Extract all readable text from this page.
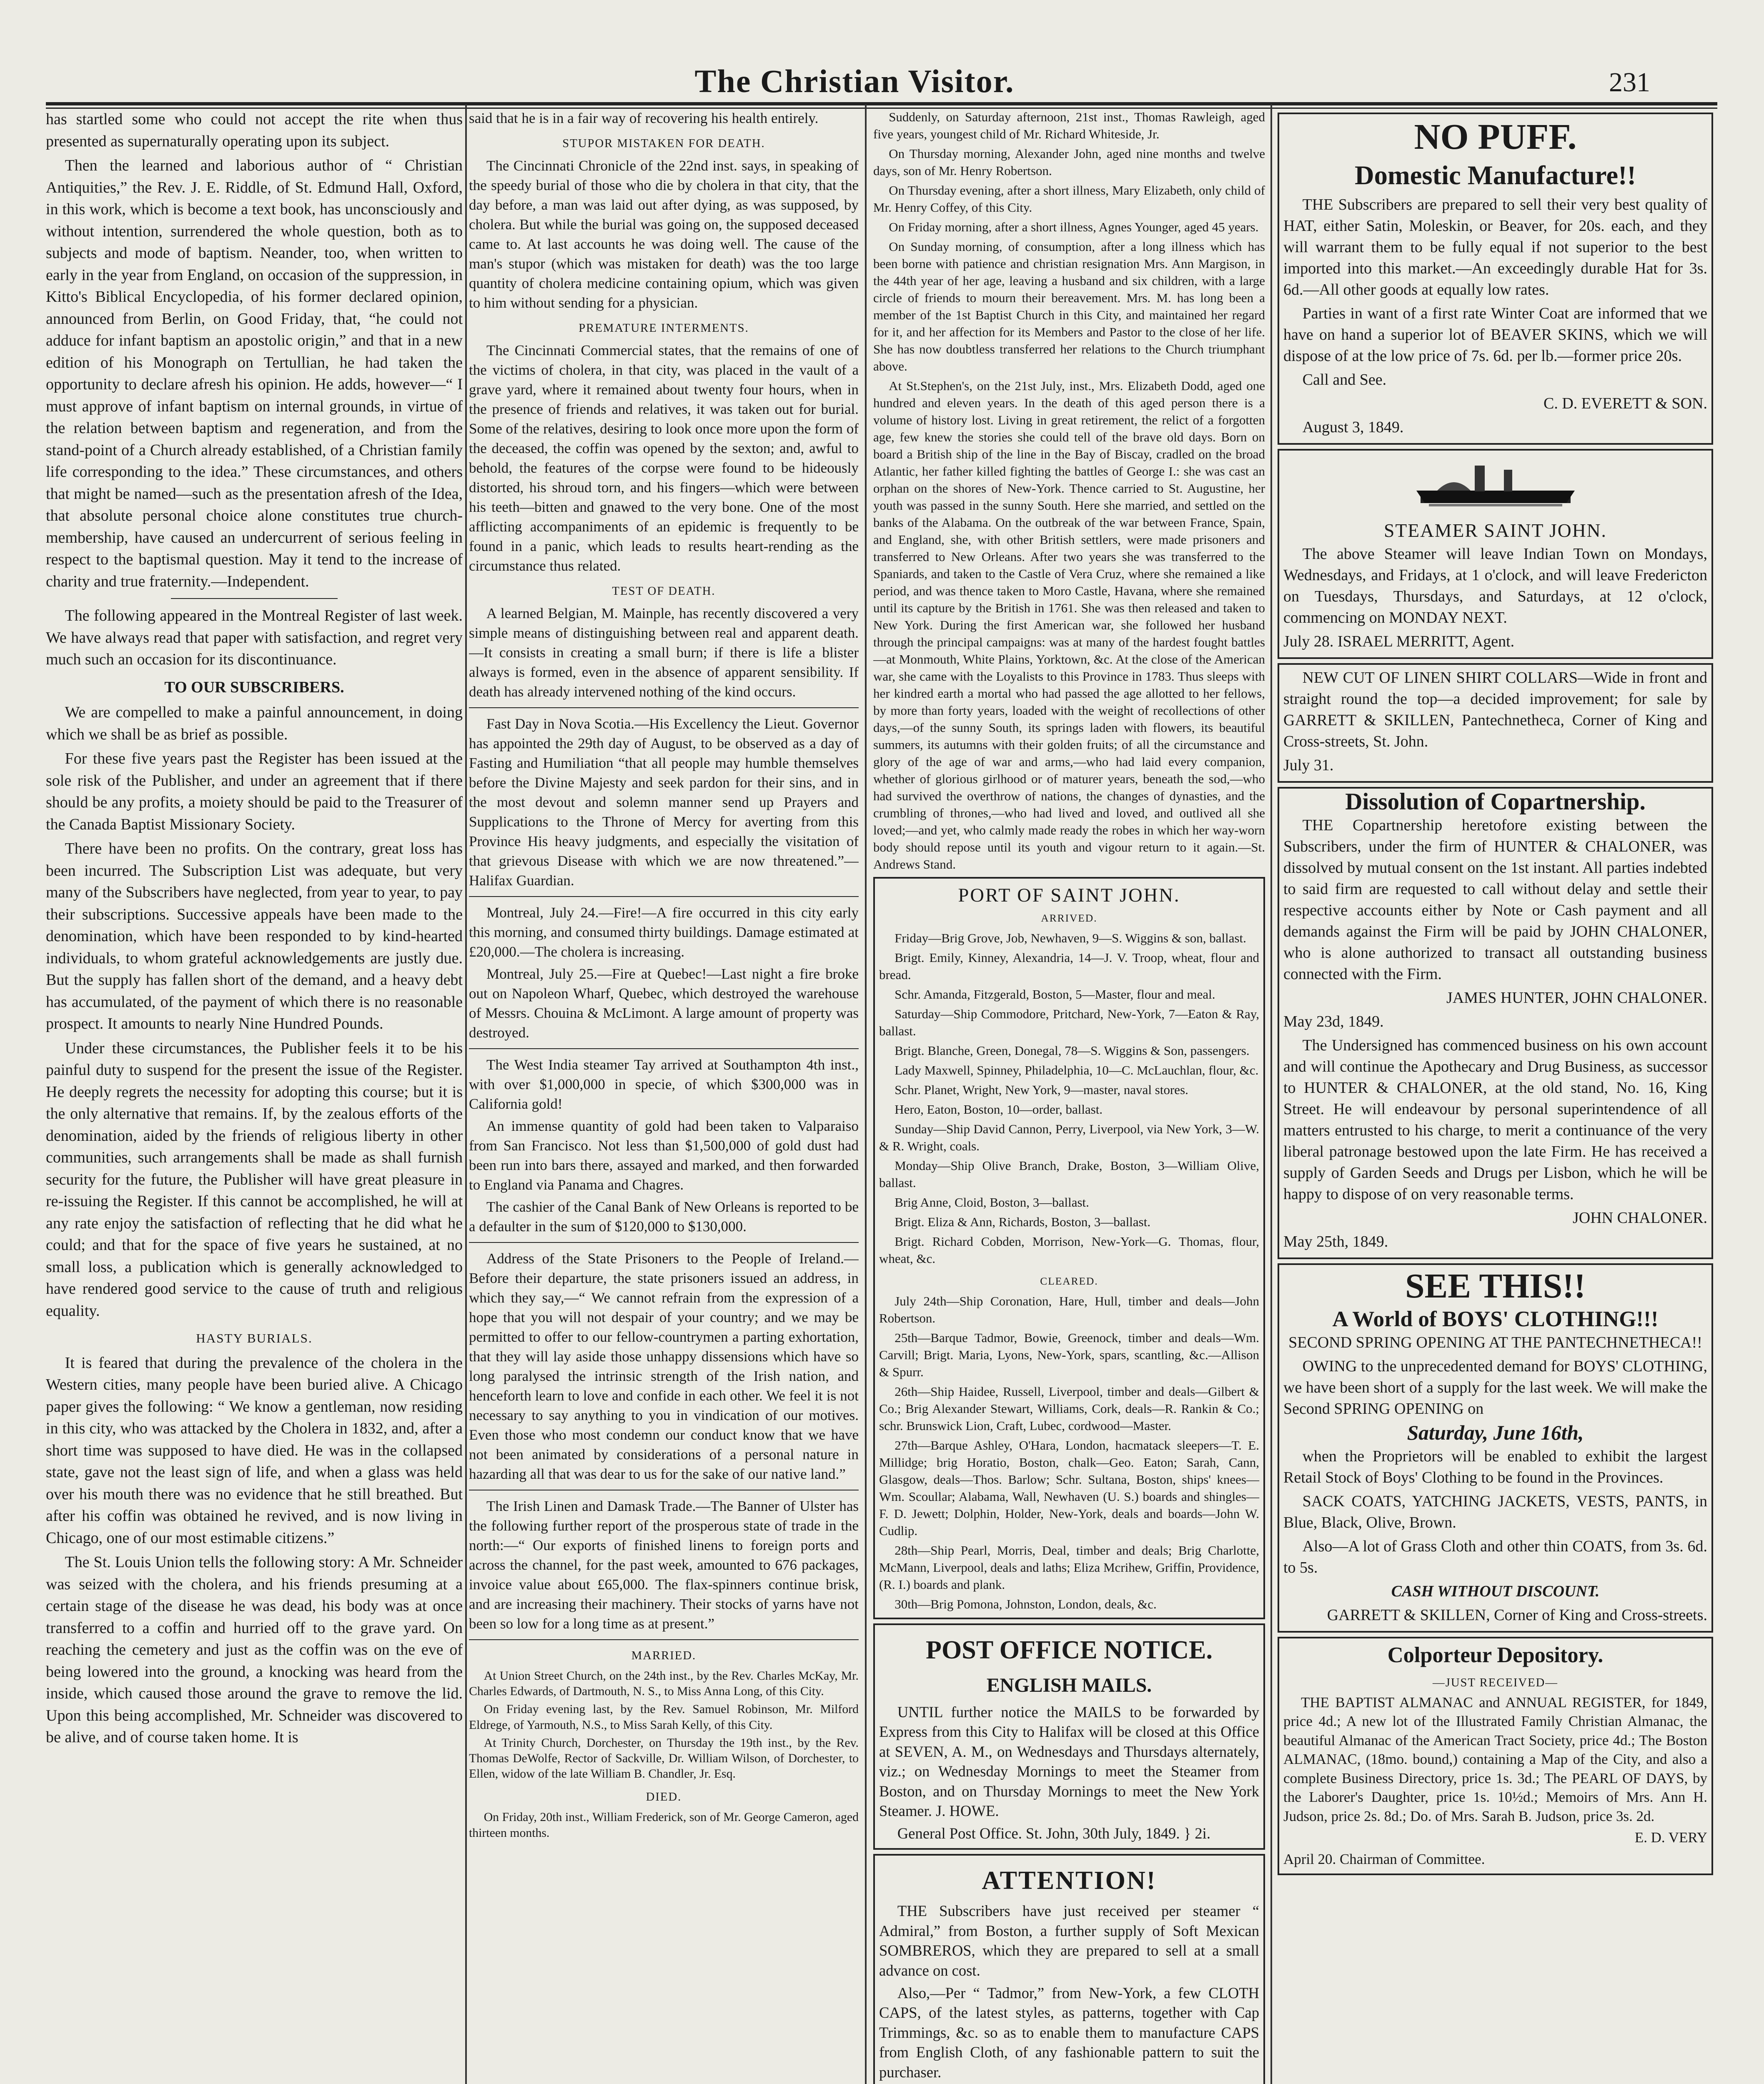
The Christian Visitor.	231

has startled some who could not accept the rite when thus presented as supernaturally operating upon its subject.

Then the learned and laborious author of “ Christian Antiquities,” the Rev. J. E. Riddle, of St. Edmund Hall, Oxford, in this work, which is become a text book, has unconsciously and without intention, surrendered the whole question, both as to subjects and mode of baptism. Neander, too, when written to early in the year from England, on occasion of the suppression, in Kitto's Biblical Encyclopedia, of his former declared opinion, announced from Berlin, on Good Friday, that, “he could not adduce for infant baptism an apostolic origin,” and that in a new edition of his Monograph on Tertullian, he had taken the opportunity to declare afresh his opinion. He adds, however—“ I must approve of infant baptism on internal grounds, in virtue of the relation between baptism and regeneration, and from the stand-point of a Church already established, of a Christian family life corresponding to the idea.” These circumstances, and others that might be named—such as the presentation afresh of the Idea, that absolute personal choice alone constitutes true church-membership, have caused an undercurrent of serious feeling in respect to the baptismal question. May it tend to the increase of charity and true fraternity.—Independent.

The following appeared in the Montreal Register of last week. We have always read that paper with satisfaction, and regret very much such an occasion for its discontinuance.

TO OUR SUBSCRIBERS.

We are compelled to make a painful announcement, in doing which we shall be as brief as possible.

For these five years past the Register has been issued at the sole risk of the Publisher, and under an agreement that if there should be any profits, a moiety should be paid to the Treasurer of the Canada Baptist Missionary Society.

There have been no profits. On the contrary, great loss has been incurred. The Subscription List was adequate, but very many of the Subscribers have neglected, from year to year, to pay their subscriptions. Successive appeals have been made to the denomination, which have been responded to by kind-hearted individuals, to whom grateful acknowledgements are justly due. But the supply has fallen short of the demand, and a heavy debt has accumulated, of the payment of which there is no reasonable prospect. It amounts to nearly Nine Hundred Pounds.

Under these circumstances, the Publisher feels it to be his painful duty to suspend for the present the issue of the Register. He deeply regrets the necessity for adopting this course; but it is the only alternative that remains. If, by the zealous efforts of the denomination, aided by the friends of religious liberty in other communities, such arrangements shall be made as shall furnish security for the future, the Publisher will have great pleasure in re-issuing the Register. If this cannot be accomplished, he will at any rate enjoy the satisfaction of reflecting that he did what he could; and that for the space of five years he sustained, at no small loss, a publication which is generally acknowledged to have rendered good service to the cause of truth and religious equality.

HASTY BURIALS.

It is feared that during the prevalence of the cholera in the Western cities, many people have been buried alive. A Chicago paper gives the following: “ We know a gentleman, now residing in this city, who was attacked by the Cholera in 1832, and, after a short time was supposed to have died. He was in the collapsed state, gave not the least sign of life, and when a glass was held over his mouth there was no evidence that he still breathed. But after his coffin was obtained he revived, and is now living in Chicago, one of our most estimable citizens.”

The St. Louis Union tells the following story: A Mr. Schneider was seized with the cholera, and his friends presuming at a certain stage of the disease he was dead, his body was at once transferred to a coffin and hurried off to the grave yard. On reaching the cemetery and just as the coffin was on the eve of being lowered into the ground, a knocking was heard from the inside, which caused those around the grave to remove the lid. Upon this being accomplished, Mr. Schneider was discovered to be alive, and of course taken home. It is

said that he is in a fair way of recovering his health entirely.

STUPOR MISTAKEN FOR DEATH.

The Cincinnati Chronicle of the 22nd inst. says, in speaking of the speedy burial of those who die by cholera in that city, that the day before, a man was laid out after dying, as was supposed, by cholera. But while the burial was going on, the supposed deceased came to. At last accounts he was doing well. The cause of the man's stupor (which was mistaken for death) was the too large quantity of cholera medicine containing opium, which was given to him without sending for a physician.

PREMATURE INTERMENTS.

The Cincinnati Commercial states, that the remains of one of the victims of cholera, in that city, was placed in the vault of a grave yard, where it remained about twenty four hours, when in the presence of friends and relatives, it was taken out for burial. Some of the relatives, desiring to look once more upon the form of the deceased, the coffin was opened by the sexton; and, awful to behold, the features of the corpse were found to be hideously distorted, his shroud torn, and his fingers—which were between his teeth—bitten and gnawed to the very bone. One of the most afflicting accompaniments of an epidemic is frequently to be found in a panic, which leads to results heart-rending as the circumstance thus related.

TEST OF DEATH.

A learned Belgian, M. Mainple, has recently discovered a very simple means of distinguishing between real and apparent death.—It consists in creating a small burn; if there is life a blister always is formed, even in the absence of apparent sensibility. If death has already intervened nothing of the kind occurs.

Fast Day in Nova Scotia.—His Excellency the Lieut. Governor has appointed the 29th day of August, to be observed as a day of Fasting and Humiliation “that all people may humble themselves before the Divine Majesty and seek pardon for their sins, and in the most devout and solemn manner send up Prayers and Supplications to the Throne of Mercy for averting from this Province His heavy judgments, and especially the visitation of that grievous Disease with which we are now threatened.”—Halifax Guardian.

Montreal, July 24.—Fire!—A fire occurred in this city early this morning, and consumed thirty buildings. Damage estimated at £20,000.—The cholera is increasing.

Montreal, July 25.—Fire at Quebec!—Last night a fire broke out on Napoleon Wharf, Quebec, which destroyed the warehouse of Messrs. Chouina & McLimont. A large amount of property was destroyed.

The West India steamer Tay arrived at Southampton 4th inst., with over $1,000,000 in specie, of which $300,000 was in California gold!

An immense quantity of gold had been taken to Valparaiso from San Francisco. Not less than $1,500,000 of gold dust had been run into bars there, assayed and marked, and then forwarded to England via Panama and Chagres.

The cashier of the Canal Bank of New Orleans is reported to be a defaulter in the sum of $120,000 to $130,000.

Address of the State Prisoners to the People of Ireland.—Before their departure, the state prisoners issued an address, in which they say,—“ We cannot refrain from the expression of a hope that you will not despair of your country; and we may be permitted to offer to our fellow-countrymen a parting exhortation, that they will lay aside those unhappy dissensions which have so long paralysed the intrinsic strength of the Irish nation, and henceforth learn to love and confide in each other. We feel it is not necessary to say anything to you in vindication of our motives. Even those who most condemn our conduct know that we have not been animated by considerations of a personal nature in hazarding all that was dear to us for the sake of our native land.”

The Irish Linen and Damask Trade.—The Banner of Ulster has the following further report of the prosperous state of trade in the north:—“ Our exports of finished linens to foreign ports and across the channel, for the past week, amounted to 676 packages, invoice value about £65,000. The flax-spinners continue brisk, and are increasing their machinery. Their stocks of yarns have not been so low for a long time as at present.”

MARRIED.

At Union Street Church, on the 24th inst., by the Rev. Charles McKay, Mr. Charles Edwards, of Dartmouth, N. S., to Miss Anna Long, of this City.

On Friday evening last, by the Rev. Samuel Robinson, Mr. Milford Eldrege, of Yarmouth, N.S., to Miss Sarah Kelly, of this City.

At Trinity Church, Dorchester, on Thursday the 19th inst., by the Rev. Thomas DeWolfe, Rector of Sackville, Dr. William Wilson, of Dorchester, to Ellen, widow of the late William B. Chandler, Jr. Esq.

DIED.

On Friday, 20th inst., William Frederick, son of Mr. George Cameron, aged thirteen months.

Suddenly, on Saturday afternoon, 21st inst., Thomas Rawleigh, aged five years, youngest child of Mr. Richard Whiteside, Jr.

On Thursday morning, Alexander John, aged nine months and twelve days, son of Mr. Henry Robertson.

On Thursday evening, after a short illness, Mary Elizabeth, only child of Mr. Henry Coffey, of this City.

On Friday morning, after a short illness, Agnes Younger, aged 45 years.

On Sunday morning, of consumption, after a long illness which has been borne with patience and christian resignation Mrs. Ann Margison, in the 44th year of her age, leaving a husband and six children, with a large circle of friends to mourn their bereavement. Mrs. M. has long been a member of the 1st Baptist Church in this City, and maintained her regard for it, and her affection for its Members and Pastor to the close of her life. She has now doubtless transferred her relations to the Church triumphant above.

At St.Stephen's, on the 21st July, inst., Mrs. Elizabeth Dodd, aged one hundred and eleven years. In the death of this aged person there is a volume of history lost. Living in great retirement, the relict of a forgotten age, few knew the stories she could tell of the brave old days. Born on board a British ship of the line in the Bay of Biscay, cradled on the broad Atlantic, her father killed fighting the battles of George I.: she was cast an orphan on the shores of New-York. Thence carried to St. Augustine, her youth was passed in the sunny South. Here she married, and settled on the banks of the Alabama. On the outbreak of the war between France, Spain, and England, she, with other British settlers, were made prisoners and transferred to New Orleans. After two years she was transferred to the Spaniards, and taken to the Castle of Vera Cruz, where she remained a like period, and was thence taken to Moro Castle, Havana, where she remained until its capture by the British in 1761. She was then released and taken to New York. During the first American war, she followed her husband through the principal campaigns: was at many of the hardest fought battles—at Monmouth, White Plains, Yorktown, &c. At the close of the American war, she came with the Loyalists to this Province in 1783. Thus sleeps with her kindred earth a mortal who had passed the age allotted to her fellows, by more than forty years, loaded with the weight of recollections of other days,—of the sunny South, its springs laden with flowers, its beautiful summers, its autumns with their golden fruits; of all the circumstance and glory of the age of war and arms,—who had laid every companion, whether of glorious girlhood or of maturer years, beneath the sod,—who had survived the overthrow of nations, the changes of dynasties, and the crumbling of thrones,—who had lived and loved, and outlived all she loved;—and yet, who calmly made ready the robes in which her way-worn body should repose until its youth and vigour return to it again.—St. Andrews Stand.

PORT OF SAINT JOHN.

ARRIVED.

Friday—Brig Grove, Job, Newhaven, 9—S. Wiggins & son, ballast.

Brigt. Emily, Kinney, Alexandria, 14—J. V. Troop, wheat, flour and bread.

Schr. Amanda, Fitzgerald, Boston, 5—Master, flour and meal.

Saturday—Ship Commodore, Pritchard, New-York, 7—Eaton & Ray, ballast.

Brigt. Blanche, Green, Donegal, 78—S. Wiggins & Son, passengers.

Lady Maxwell, Spinney, Philadelphia, 10—C. McLauchlan, flour, &c.

Schr. Planet, Wright, New York, 9—master, naval stores.

Hero, Eaton, Boston, 10—order, ballast.

Sunday—Ship David Cannon, Perry, Liverpool, via New York, 3—W. & R. Wright, coals.

Monday—Ship Olive Branch, Drake, Boston, 3—William Olive, ballast.

Brig Anne, Cloid, Boston, 3—ballast.

Brigt. Eliza & Ann, Richards, Boston, 3—ballast.

Brigt. Richard Cobden, Morrison, New-York—G. Thomas, flour, wheat, &c.

CLEARED.

July 24th—Ship Coronation, Hare, Hull, timber and deals—John Robertson.

25th—Barque Tadmor, Bowie, Greenock, timber and deals—Wm. Carvill; Brigt. Maria, Lyons, New-York, spars, scantling, &c.—Allison & Spurr.

26th—Ship Haidee, Russell, Liverpool, timber and deals—Gilbert & Co.; Brig Alexander Stewart, Williams, Cork, deals—R. Rankin & Co.; schr. Brunswick Lion, Craft, Lubec, cordwood—Master.

27th—Barque Ashley, O'Hara, London, hacmatack sleepers—T. E. Millidge; brig Horatio, Boston, chalk—Geo. Eaton; Sarah, Cann, Glasgow, deals—Thos. Barlow; Schr. Sultana, Boston, ships' knees—Wm. Scoullar; Alabama, Wall, Newhaven (U. S.) boards and shingles—F. D. Jewett; Dolphin, Holder, New-York, deals and boards—John W. Cudlip.

28th—Ship Pearl, Morris, Deal, timber and deals; Brig Charlotte, McMann, Liverpool, deals and laths; Eliza Mcrihew, Griffin, Providence, (R. I.) boards and plank.

30th—Brig Pomona, Johnston, London, deals, &c.

POST OFFICE NOTICE.

ENGLISH MAILS.

UNTIL further notice the MAILS to be forwarded by Express from this City to Halifax will be closed at this Office at SEVEN, A. M., on Wednesdays and Thursdays alternately, viz.; on Wednesday Mornings to meet the Steamer from Boston, and on Thursday Mornings to meet the New York Steamer. J. HOWE.

General Post Office. St. John, 30th July, 1849. } 2i.

ATTENTION!

THE Subscribers have just received per steamer “ Admiral,” from Boston, a further supply of Soft Mexican SOMBREROS, which they are prepared to sell at a small advance on cost.

Also,—Per “ Tadmor,” from New-York, a few CLOTH CAPS, of the latest styles, as patterns, together with Cap Trimmings, &c. so as to enable them to manufacture CAPS from English Cloth, of any fashionable pattern to suit the purchaser.

NO PUFF.

Domestic Manufacture!!

THE Subscribers are prepared to sell their very best quality of HAT, either Satin, Moleskin, or Beaver, for 20s. each, and they will warrant them to be fully equal if not superior to the best imported into this market.—An exceedingly durable Hat for 3s. 6d.—All other goods at equally low rates.

Parties in want of a first rate Winter Coat are informed that we have on hand a superior lot of BEAVER SKINS, which we will dispose of at the low price of 7s. 6d. per lb.—former price 20s.

Call and See.

C. D. EVERETT & SON.

August 3, 1849.

STEAMER SAINT JOHN.

The above Steamer will leave Indian Town on Mondays, Wednesdays, and Fridays, at 1 o'clock, and will leave Fredericton on Tuesdays, Thursdays, and Saturdays, at 12 o'clock, commencing on MONDAY NEXT.

July 28. ISRAEL MERRITT, Agent.

NEW CUT OF LINEN SHIRT COLLARS—Wide in front and straight round the top—a decided improvement; for sale by GARRETT & SKILLEN, Pantechnetheca, Corner of King and Cross-streets, St. John.

July 31.

Dissolution of Copartnership.

THE Copartnership heretofore existing between the Subscribers, under the firm of HUNTER & CHALONER, was dissolved by mutual consent on the 1st instant. All parties indebted to said firm are requested to call without delay and settle their respective accounts either by Note or Cash payment and all demands against the Firm will be paid by JOHN CHALONER, who is alone authorized to transact all outstanding business connected with the Firm.

JAMES HUNTER, JOHN CHALONER.

May 23d, 1849.

The Undersigned has commenced business on his own account and will continue the Apothecary and Drug Business, as successor to HUNTER & CHALONER, at the old stand, No. 16, King Street. He will endeavour by personal superintendence of all matters entrusted to his charge, to merit a continuance of the very liberal patronage bestowed upon the late Firm. He has received a supply of Garden Seeds and Drugs per Lisbon, which he will be happy to dispose of on very reasonable terms.

JOHN CHALONER.

May 25th, 1849.

SEE THIS!!

A World of BOYS' CLOTHING!!!

SECOND SPRING OPENING AT THE PANTECHNETHECA!!

OWING to the unprecedented demand for BOYS' CLOTHING, we have been short of a supply for the last week. We will make the Second SPRING OPENING on

Saturday, June 16th,

when the Proprietors will be enabled to exhibit the largest Retail Stock of Boys' Clothing to be found in the Provinces.

SACK COATS, YATCHING JACKETS, VESTS, PANTS, in Blue, Black, Olive, Brown.

Also—A lot of Grass Cloth and other thin COATS, from 3s. 6d. to 5s.

CASH WITHOUT DISCOUNT.

GARRETT & SKILLEN, Corner of King and Cross-streets.

Colporteur Depository.

—JUST RECEIVED—

THE BAPTIST ALMANAC and ANNUAL REGISTER, for 1849, price 4d.; A new lot of the Illustrated Family Christian Almanac, the beautiful Almanac of the American Tract Society, price 4d.; The Boston ALMANAC, (18mo. bound,) containing a Map of the City, and also a complete Business Directory, price 1s. 3d.; The PEARL OF DAYS, by the Laborer's Daughter, price 1s. 10½d.; Memoirs of Mrs. Ann H. Judson, price 2s. 8d.; Do. of Mrs. Sarah B. Judson, price 3s. 2d.

E. D. VERY

April 20. Chairman of Committee.
